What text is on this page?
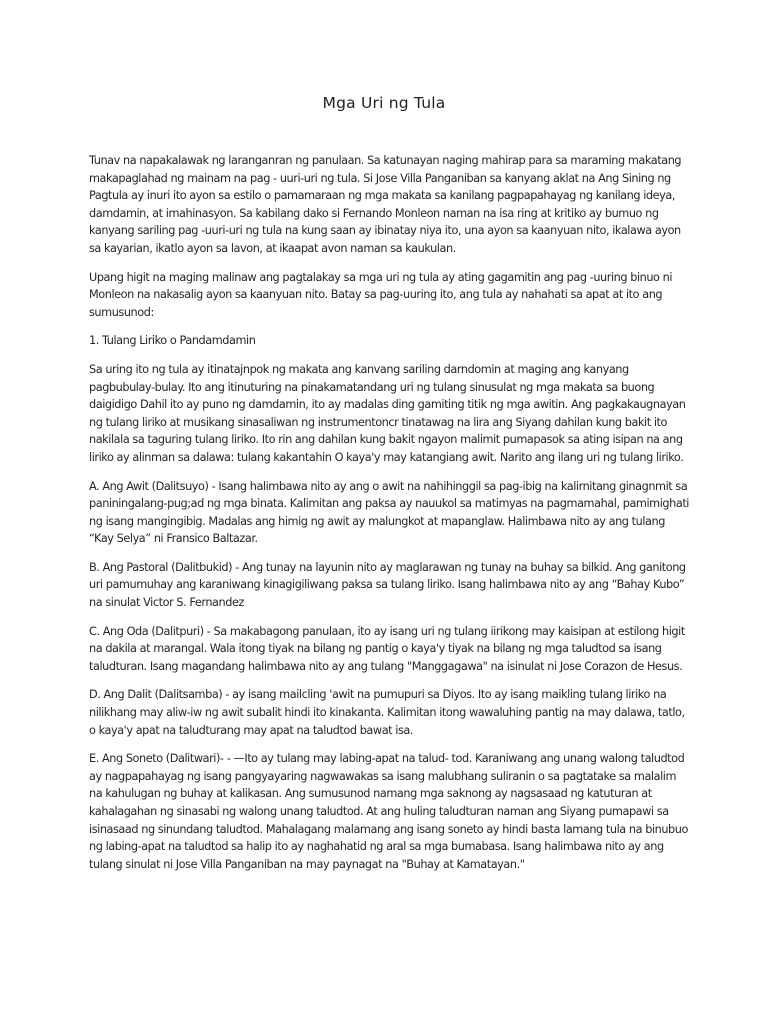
Mga Uri ng Tula

Tunav na napakalawak ng laranganran ng panulaan. Sa katunayan naging mahirap para sa maraming makatang makapaglahad ng mainam na pag - uuri-uri ng tula. Si Jose Villa Panganiban sa kanyang aklat na Ang Sining ng Pagtula ay inuri ito ayon sa estilo o pamamaraan ng mga makata sa kanilang pagpapahayag ng kanilang ideya, damdamin, at imahinasyon. Sa kabilang dako si Fernando Monleon naman na isa ring at kritiko ay bumuo ng kanyang sariling pag -uuri-uri ng tula na kung saan ay ibinatay niya ito, una ayon sa kaanyuan nito, ikalawa ayon sa kayarian, ikatlo ayon sa lavon, at ikaapat avon naman sa kaukulan.

Upang higit na maging malinaw ang pagtalakay sa mga uri ng tula ay ating gagamitin ang pag -uuring binuo ni Monleon na nakasalig ayon sa kaanyuan nito. Batay sa pag-uuring ito, ang tula ay nahahati sa apat at ito ang sumusunod:

1. Tulang Liriko o Pandamdamin

Sa uring ito ng tula ay itinatajnpok ng makata ang kanvang sariling darndomin at maging ang kanyang pagbubulay-bulay. Ito ang itinuturing na pinakamatandang uri ng tulang sinusulat ng mga makata sa buong daigidigo Dahil ito ay puno ng damdamin, ito ay madalas ding gamiting titik ng mga awitin. Ang pagkakaugnayan ng tulang liriko at musikang sinasaliwan ng instrumentoncr tinatawag na lira ang Siyang dahilan kung bakit ito nakilala sa taguring tulang liriko. Ito rin ang dahilan kung bakit ngayon malimit pumapasok sa ating isipan na ang liriko ay alinman sa dalawa: tulang kakantahin O kaya'y may katangiang awit. Narito ang ilang uri ng tulang liriko.

A. Ang Awit (Dalitsuyo) - Isang halimbawa nito ay ang o awit na nahihinggil sa pag-ibig na kalirnitang ginagnmit sa paniningalang-pug;ad ng mga binata. Kalimitan ang paksa ay nauukol sa matimyas na pagmamahal, pamimighati ng isang mangingibig. Madalas ang himig ng awit ay malungkot at mapanglaw. Halimbawa nito ay ang tulang “Kay Selya” ni Fransico Baltazar.

B. Ang Pastoral (Dalitbukid) - Ang tunay na layunin nito ay maglarawan ng tunay na buhay sa bilkid. Ang ganitong uri pamumuhay ang karaniwang kinagigiliwang paksa sa tulang liriko. Isang halimbawa nito ay ang “Bahay Kubo” na sinulat Victor S. Fernandez

C. Ang Oda (Dalitpuri) - Sa makabagong panulaan, ito ay isang uri ng tulang iirikong may kaisipan at estilong higit na dakila at marangal. Wala itong tiyak na bilang ng pantig o kaya'y tiyak na bilang ng mga taludtod sa isang taludturan. Isang magandang halimbawa nito ay ang tulang "Manggagawa" na isinulat ni Jose Corazon de Hesus.

D. Ang Dalit (Dalitsamba) - ay isang mailcling 'awit na pumupuri sa Diyos. Ito ay isang maikling tulang liriko na nilikhang may aliw-iw ng awit subalit hindi ito kinakanta. Kalimitan itong wawaluhing pantig na may dalawa, tatlo, o kaya'y apat na taludturang may apat na taludtod bawat isa.

E. Ang Soneto (Dalitwari)- - —Ito ay tulang may labing-apat na talud- tod. Karaniwang ang unang walong taludtod ay nagpapahayag ng isang pangyayaring nagwawakas sa isang malubhang suliranin o sa pagtatake sa malalim na kahulugan ng buhay at kalikasan. Ang sumusunod namang mga saknong ay nagsasaad ng katuturan at kahalagahan ng sinasabi ng walong unang taludtod. At ang huling taludturan naman ang Siyang pumapawi sa isinasaad ng sinundang taludtod. Mahalagang malamang ang isang soneto ay hindi basta lamang tula na binubuo ng labing-apat na taludtod sa halip ito ay naghahatid ng aral sa mga bumabasa. Isang halimbawa nito ay ang tulang sinulat ni Jose Villa Panganiban na may paynagat na "Buhay at Kamatayan."
